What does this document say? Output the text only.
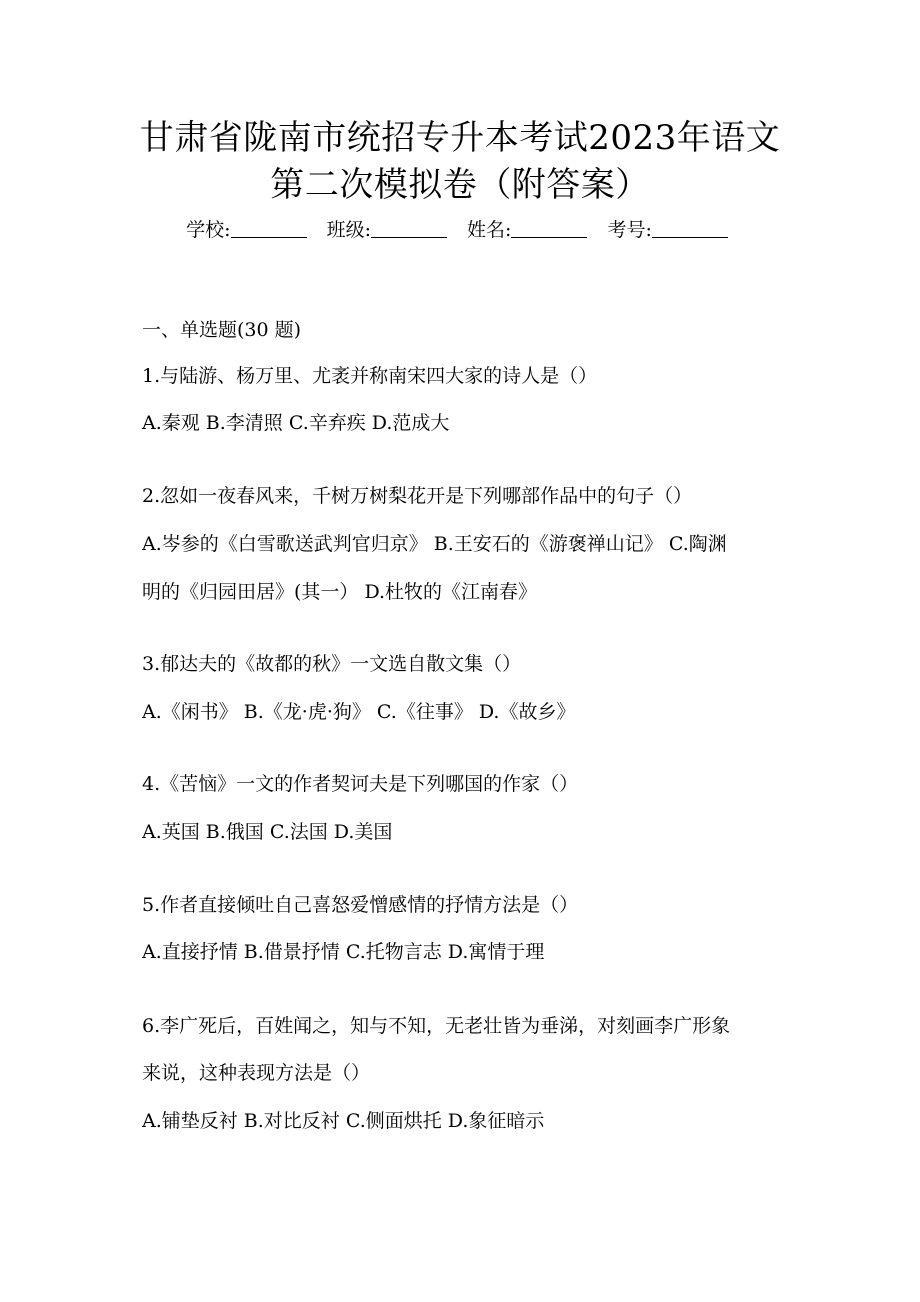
甘肃省陇南市统招专升本考试2023年语文
第二次模拟卷（附答案）
学校:	班级:	姓名:	考号:
一、单选题(30 题)
1.与陆游、杨万里、尤袤并称南宋四大家的诗人是（）
A.秦观 B.李清照 C.辛弃疾 D.范成大
2.忽如一夜春风来，千树万树梨花开是下列哪部作品中的句子（）
A.岑参的《白雪歌送武判官归京》 B.王安石的《游褒禅山记》 C.陶渊
明的《归园田居》(其一） D.杜牧的《江南春》
3.郁达夫的《故都的秋》一文选自散文集（）
A.《闲书》 B.《龙·虎·狗》 C.《往事》 D.《故乡》
4.《苦恼》一文的作者契诃夫是下列哪国的作家（）
A.英国 B.俄国 C.法国 D.美国
5.作者直接倾吐自己喜怒爱憎感情的抒情方法是（）
A.直接抒情 B.借景抒情 C.托物言志 D.寓情于理
6.李广死后，百姓闻之，知与不知，无老壮皆为垂涕，对刻画李广形象
来说，这种表现方法是（）
A.铺垫反衬 B.对比反衬 C.侧面烘托 D.象征暗示
